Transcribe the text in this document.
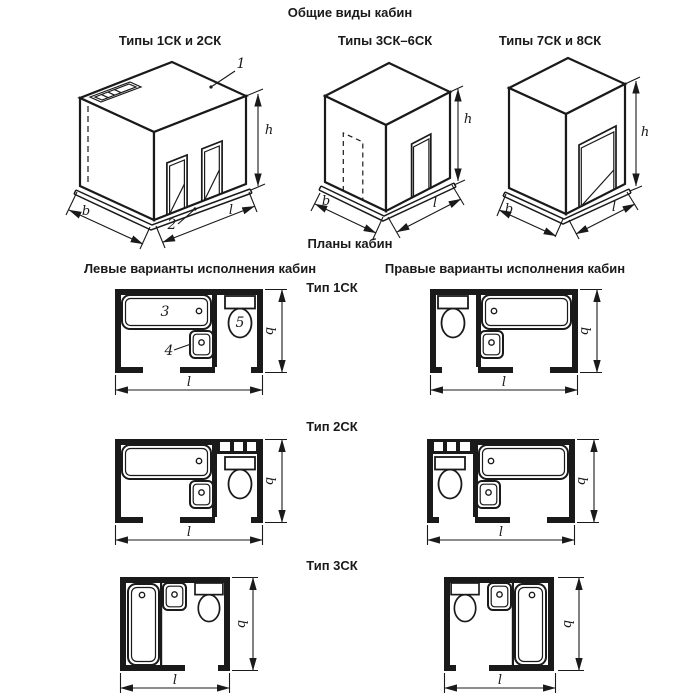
Общие виды кабин
Типы 1СК и 2СК	Типы 3СК–6СК	Типы 7СК и 8СК
1
2
h
l
b
h
l
b
h
l
b
Планы кабин
Левые варианты исполнения кабин	Правые варианты исполнения кабин
Тип 1СК
Тип 2СК
Тип 3СК
3
4
5 b
l
b
l
b
l
b
l
b
l
b
l
